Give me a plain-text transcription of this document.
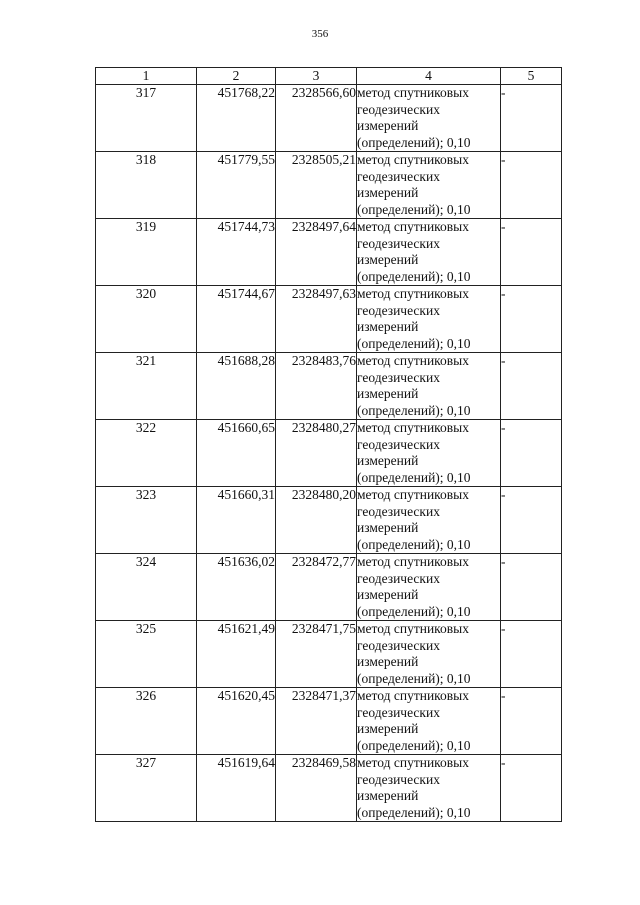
356
1	2	3	4	5
317	451768,22	2328566,60	метод спутниковых
геодезических
измерений
(определений); 0,10	-
318	451779,55	2328505,21	метод спутниковых
геодезических
измерений
(определений); 0,10	-
319	451744,73	2328497,64	метод спутниковых
геодезических
измерений
(определений); 0,10	-
320	451744,67	2328497,63	метод спутниковых
геодезических
измерений
(определений); 0,10	-
321	451688,28	2328483,76	метод спутниковых
геодезических
измерений
(определений); 0,10	-
322	451660,65	2328480,27	метод спутниковых
геодезических
измерений
(определений); 0,10	-
323	451660,31	2328480,20	метод спутниковых
геодезических
измерений
(определений); 0,10	-
324	451636,02	2328472,77	метод спутниковых
геодезических
измерений
(определений); 0,10	-
325	451621,49	2328471,75	метод спутниковых
геодезических
измерений
(определений); 0,10	-
326	451620,45	2328471,37	метод спутниковых
геодезических
измерений
(определений); 0,10	-
327	451619,64	2328469,58	метод спутниковых
геодезических
измерений
(определений); 0,10	-
